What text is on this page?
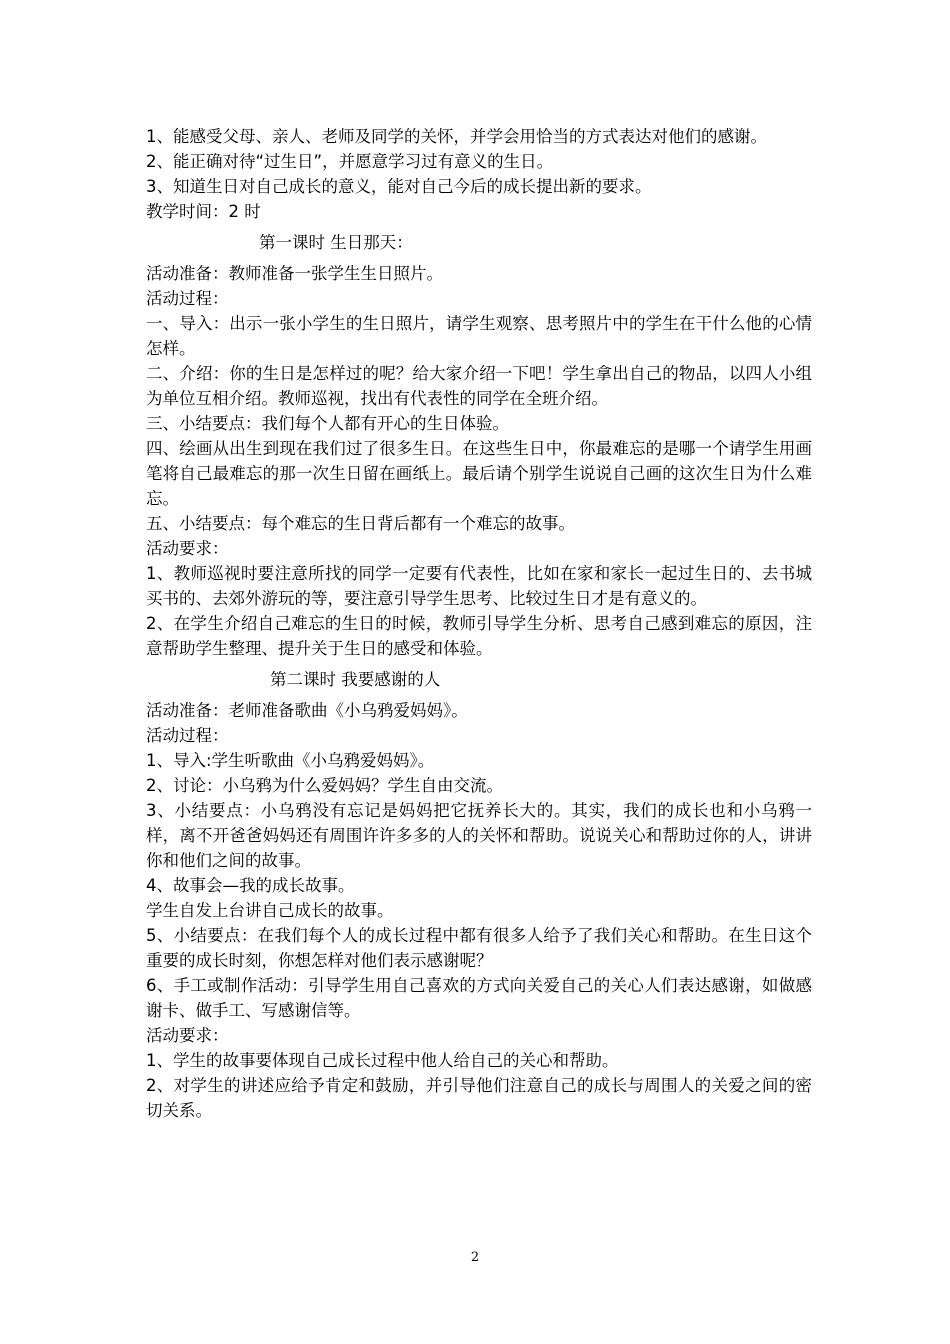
1、能感受父母、亲人、老师及同学的关怀，并学会用恰当的方式表达对他们的感谢。

2、能正确对待“过生日”，并愿意学习过有意义的生日。

3、知道生日对自己成长的意义，能对自己今后的成长提出新的要求。

教学时间：2 时

第一课时 生日那天：

活动准备：教师准备一张学生生日照片。

活动过程：

一、导入：出示一张小学生的生日照片，请学生观察、思考照片中的学生在干什么他的心情怎样。

二、介绍：你的生日是怎样过的呢？给大家介绍一下吧！学生拿出自己的物品，以四人小组为单位互相介绍。教师巡视，找出有代表性的同学在全班介绍。

三、小结要点：我们每个人都有开心的生日体验。

四、绘画从出生到现在我们过了很多生日。在这些生日中，你最难忘的是哪一个请学生用画笔将自己最难忘的那一次生日留在画纸上。最后请个别学生说说自己画的这次生日为什么难忘。

五、小结要点：每个难忘的生日背后都有一个难忘的故事。

活动要求：

1、教师巡视时要注意所找的同学一定要有代表性，比如在家和家长一起过生日的、去书城买书的、去郊外游玩的等，要注意引导学生思考、比较过生日才是有意义的。

2、在学生介绍自己难忘的生日的时候，教师引导学生分析、思考自己感到难忘的原因，注意帮助学生整理、提升关于生日的感受和体验。

第二课时 我要感谢的人

活动准备：老师准备歌曲《小乌鸦爱妈妈》。

活动过程：

1、导入:学生听歌曲《小乌鸦爱妈妈》。

2、讨论：小乌鸦为什么爱妈妈？学生自由交流。

3、小结要点：小乌鸦没有忘记是妈妈把它抚养长大的。其实，我们的成长也和小乌鸦一样，离不开爸爸妈妈还有周围许许多多的人的关怀和帮助。说说关心和帮助过你的人，讲讲你和他们之间的故事。

4、故事会—我的成长故事。

学生自发上台讲自己成长的故事。

5、小结要点：在我们每个人的成长过程中都有很多人给予了我们关心和帮助。在生日这个重要的成长时刻，你想怎样对他们表示感谢呢？

6、手工或制作活动：引导学生用自己喜欢的方式向关爱自己的关心人们表达感谢，如做感谢卡、做手工、写感谢信等。

活动要求：

1、学生的故事要体现自己成长过程中他人给自己的关心和帮助。

2、对学生的讲述应给予肯定和鼓励，并引导他们注意自己的成长与周围人的关爱之间的密切关系。

2
